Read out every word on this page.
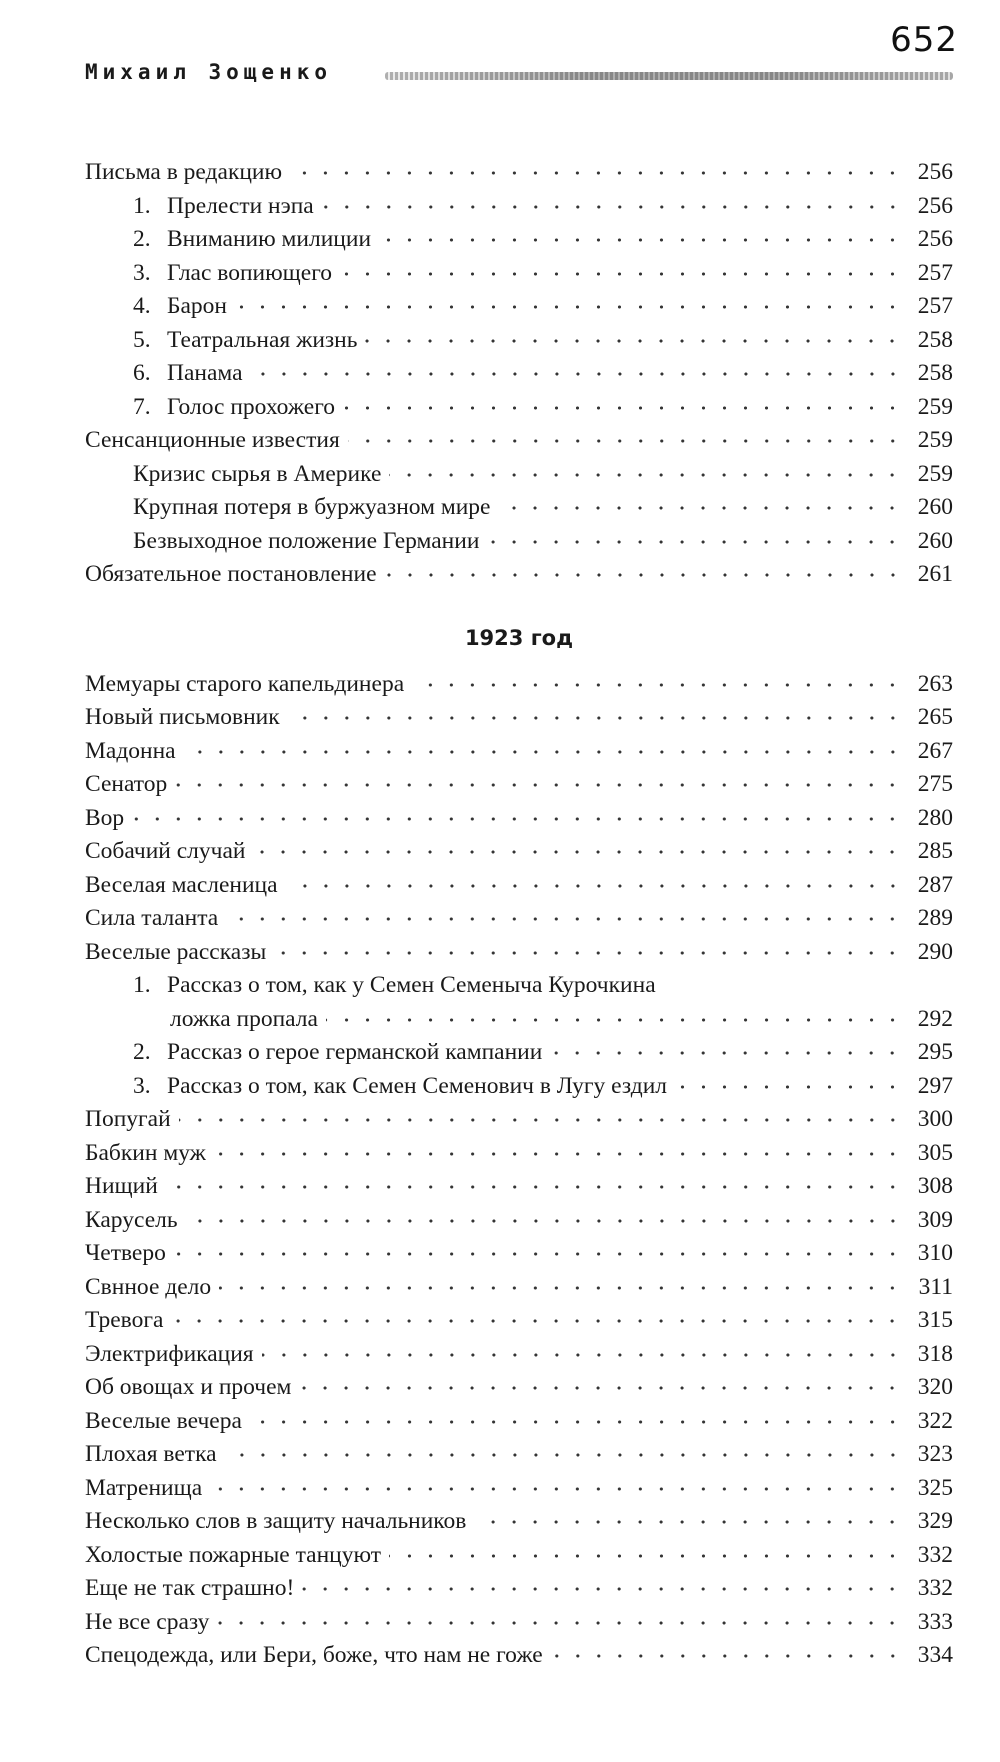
652
Михаил Зощенко
Письма в редакцию	256
1. Прелести нэпа	256
2. Вниманию милиции	256
3. Глас вопиющего	257
4. Барон	257
5. Театральная жизнь	258
6. Панама	258
7. Голос прохожего	259
Сенсанционные известия	259
Кризис сырья в Америке	259
Крупная потеря в буржуазном мире	260
Безвыходное положение Германии	260
Обязательное постановление	261
1923 год
Мемуары старого капельдинера	263
Новый письмовник	265
Мадонна	267
Сенатор	275
Вор	280
Собачий случай	285
Веселая масленица	287
Сила таланта	289
Веселые рассказы	290
1. Рассказ о том, как у Семен Семеныча Курочкина
ложка пропала	292
2. Рассказ о герое германской кампании	295
3. Рассказ о том, как Семен Семенович в Лугу ездил	297
Попугай	300
Бабкин муж	305
Нищий	308
Карусель	309
Четверо	310
Свнное дело	311
Тревога	315
Электрификация	318
Об овощах и прочем	320
Веселые вечера	322
Плохая ветка	323
Матренища	325
Несколько слов в защиту начальников	329
Холостые пожарные танцуют	332
Еще не так страшно!	332
Не все сразу	333
Спецодежда, или Бери, боже, что нам не гоже	334
